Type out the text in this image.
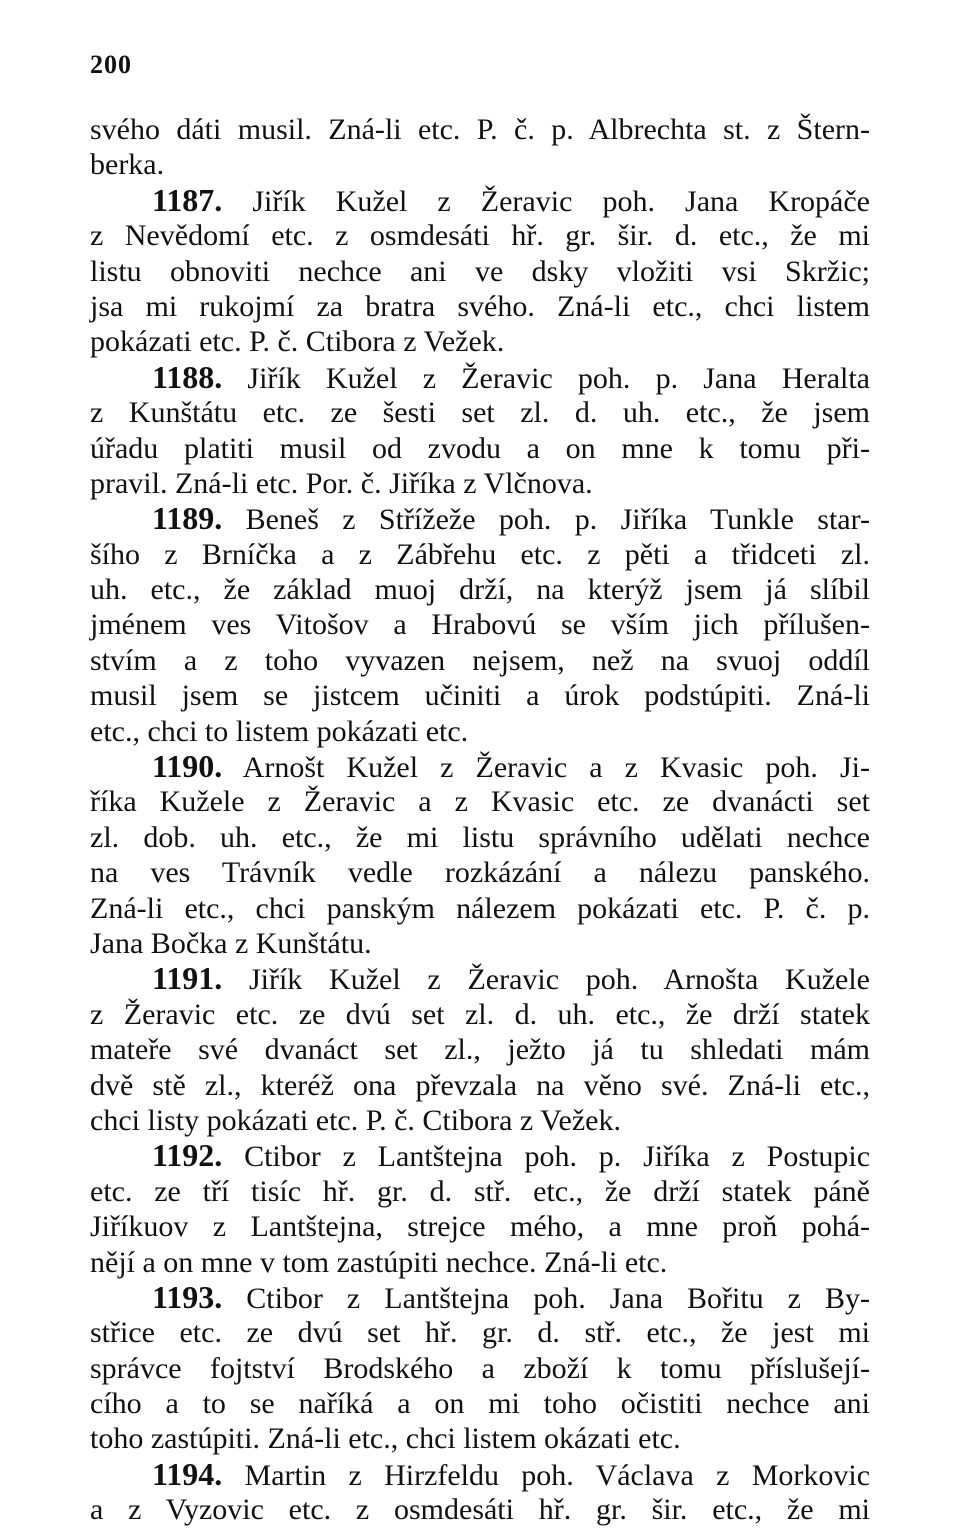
200
svého dáti musil. Zná-li etc. P. č. p. Albrechta st. z Štern-
berka.
1187. Jiřík Kužel z Žeravic poh. Jana Kropáče
z Nevědomí etc. z osmdesáti hř. gr. šir. d. etc., že mi
listu obnoviti nechce ani ve dsky vložiti vsi Skržic;
jsa mi rukojmí za bratra svého. Zná-li etc., chci listem
pokázati etc. P. č. Ctibora z Vežek.
1188. Jiřík Kužel z Žeravic poh. p. Jana Heralta
z Kunštátu etc. ze šesti set zl. d. uh. etc., že jsem
úřadu platiti musil od zvodu a on mne k tomu při-
pravil. Zná-li etc. Por. č. Jiříka z Vlčnova.
1189. Beneš z Střížeže poh. p. Jiříka Tunkle star-
šího z Brníčka a z Zábřehu etc. z pěti a třidceti zl.
uh. etc., že základ muoj drží, na kterýž jsem já slíbil
jménem ves Vitošov a Hrabovú se vším jich přílušen-
stvím a z toho vyvazen nejsem, než na svuoj oddíl
musil jsem se jistcem učiniti a úrok podstúpiti. Zná-li
etc., chci to listem pokázati etc.
1190. Arnošt Kužel z Žeravic a z Kvasic poh. Ji-
říka Kužele z Žeravic a z Kvasic etc. ze dvanácti set
zl. dob. uh. etc., že mi listu správního udělati nechce
na ves Trávník vedle rozkázání a nálezu panského.
Zná-li etc., chci panským nálezem pokázati etc. P. č. p.
Jana Bočka z Kunštátu.
1191. Jiřík Kužel z Žeravic poh. Arnošta Kužele
z Žeravic etc. ze dvú set zl. d. uh. etc., že drží statek
mateře své dvanáct set zl., ježto já tu shledati mám
dvě stě zl., kteréž ona převzala na věno své. Zná-li etc.,
chci listy pokázati etc. P. č. Ctibora z Vežek.
1192. Ctibor z Lantštejna poh. p. Jiříka z Postupic
etc. ze tří tisíc hř. gr. d. stř. etc., že drží statek páně
Jiříkuov z Lantštejna, strejce mého, a mne proň pohá-
nějí a on mne v tom zastúpiti nechce. Zná-li etc.
1193. Ctibor z Lantštejna poh. Jana Bořitu z By-
střice etc. ze dvú set hř. gr. d. stř. etc., že jest mi
správce fojtství Brodského a zboží k tomu příslušejí-
cího a to se naříká a on mi toho očistiti nechce ani
toho zastúpiti. Zná-li etc., chci listem okázati etc.
1194. Martin z Hirzfeldu poh. Václava z Morkovic
a z Vyzovic etc. z osmdesáti hř. gr. šir. etc., že mi
